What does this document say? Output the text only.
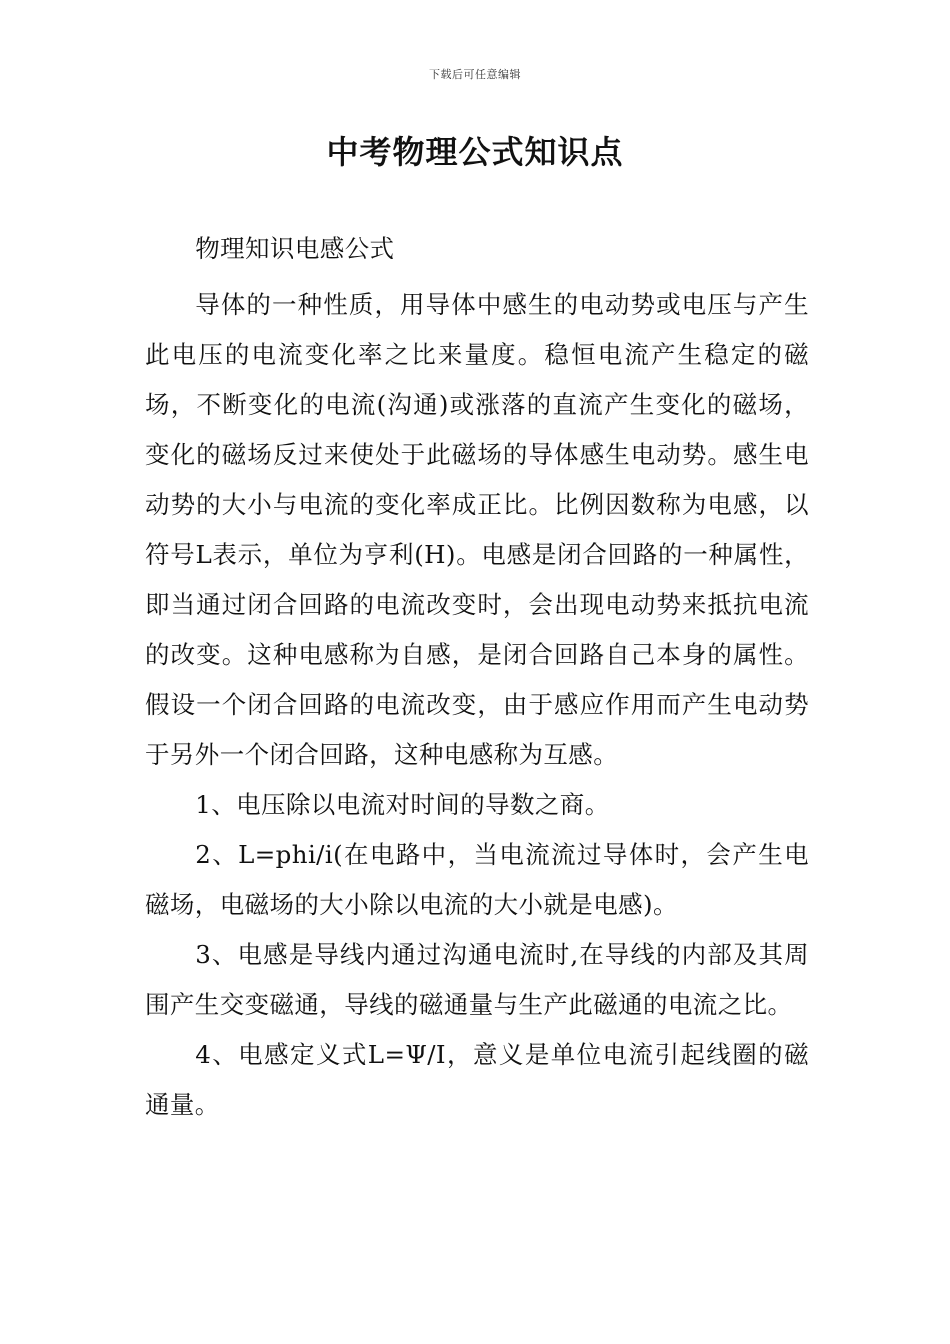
下载后可任意编辑
中考物理公式知识点

物理知识电感公式

导体的一种性质，用导体中感生的电动势或电压与产生此电压的电流变化率之比来量度。稳恒电流产生稳定的磁场，不断变化的电流(沟通)或涨落的直流产生变化的磁场，变化的磁场反过来使处于此磁场的导体感生电动势。感生电动势的大小与电流的变化率成正比。比例因数称为电感，以符号L表示，单位为亨利(H)。电感是闭合回路的一种属性，即当通过闭合回路的电流改变时，会出现电动势来抵抗电流的改变。这种电感称为自感，是闭合回路自己本身的属性。假设一个闭合回路的电流改变，由于感应作用而产生电动势于另外一个闭合回路，这种电感称为互感。

1、电压除以电流对时间的导数之商。

2、L=phi/i(在电路中，当电流流过导体时，会产生电磁场，电磁场的大小除以电流的大小就是电感)。

3、电感是导线内通过沟通电流时,在导线的内部及其周围产生交变磁通，导线的磁通量与生产此磁通的电流之比。

4、电感定义式L=Ψ/I，意义是单位电流引起线圈的磁通量。
